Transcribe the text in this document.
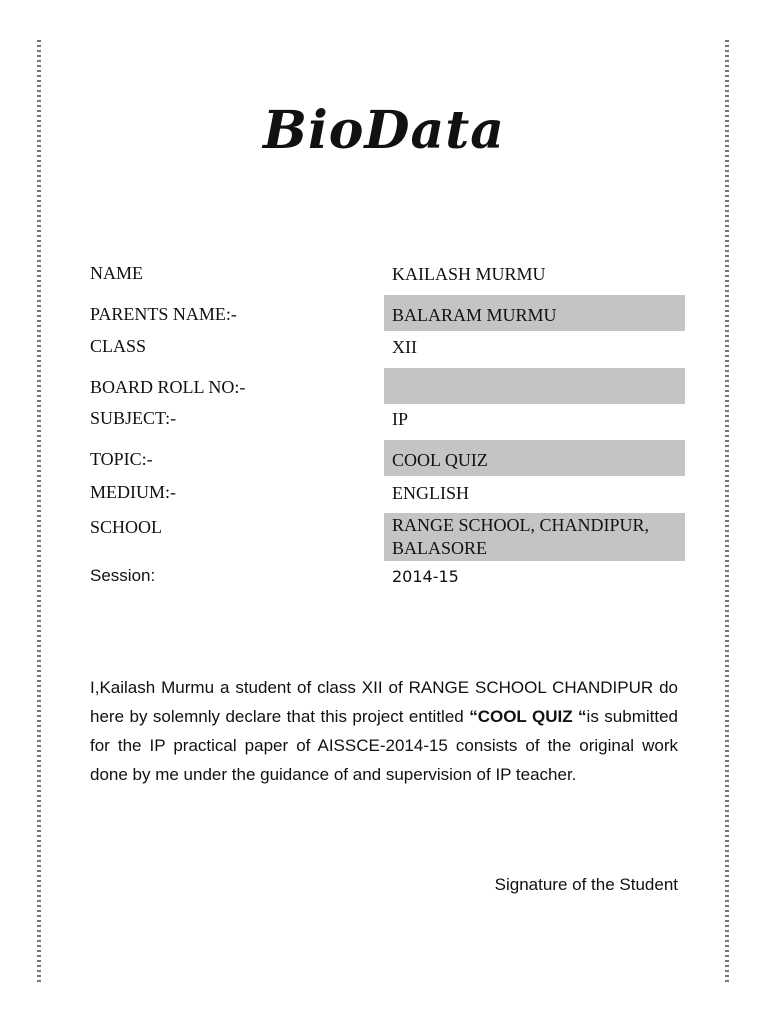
BioData
NAME	KAILASH MURMU
PARENTS NAME:-	BALARAM MURMU
CLASS	XII
BOARD ROLL NO:-
SUBJECT:-	IP
TOPIC:-	COOL QUIZ
MEDIUM:-	ENGLISH
SCHOOL	RANGE SCHOOL, CHANDIPUR,
BALASORE
Session:	2014-15
I,Kailash Murmu a student of class XII of RANGE SCHOOL CHANDIPUR do here by solemnly declare that this project entitled “COOL QUIZ “is submitted for the IP practical paper of AISSCE-2014-15 consists of the original work done by me under the guidance of and supervision of IP teacher.
Signature of the Student
